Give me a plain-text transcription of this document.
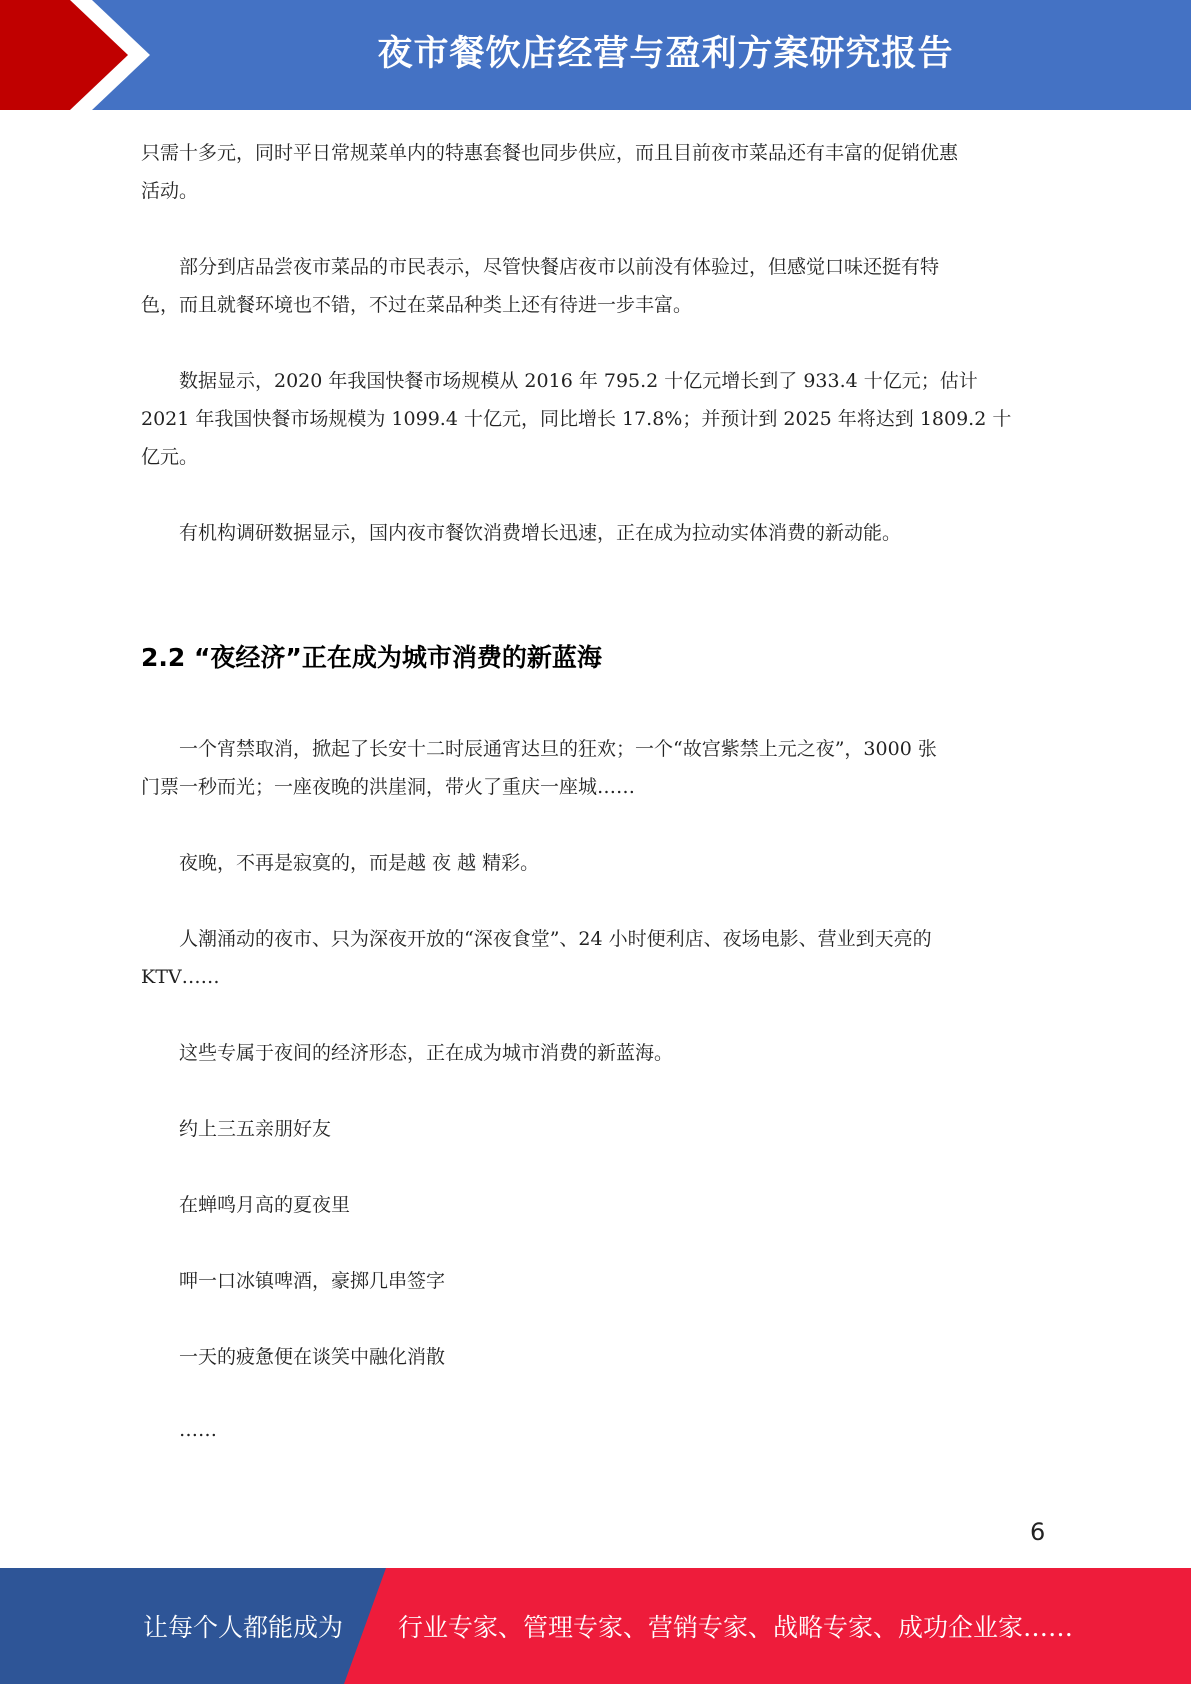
夜市餐饮店经营与盈利方案研究报告

只需十多元，同时平日常规菜单内的特惠套餐也同步供应，而且目前夜市菜品还有丰富的促销优惠
活动。

　　部分到店品尝夜市菜品的市民表示，尽管快餐店夜市以前没有体验过，但感觉口味还挺有特
色，而且就餐环境也不错，不过在菜品种类上还有待进一步丰富。

　　数据显示，2020 年我国快餐市场规模从 2016 年 795.2 十亿元增长到了 933.4 十亿元；估计
2021 年我国快餐市场规模为 1099.4 十亿元，同比增长 17.8%；并预计到 2025 年将达到 1809.2 十
亿元。

　　有机构调研数据显示，国内夜市餐饮消费增长迅速，正在成为拉动实体消费的新动能。

2.2 “夜经济”正在成为城市消费的新蓝海

　　一个宵禁取消，掀起了长安十二时辰通宵达旦的狂欢；一个“故宫紫禁上元之夜”，3000 张
门票一秒而光；一座夜晚的洪崖洞，带火了重庆一座城……

　　夜晚，不再是寂寞的，而是越 夜 越 精彩。

　　人潮涌动的夜市、只为深夜开放的“深夜食堂”、24 小时便利店、夜场电影、营业到天亮的
KTV……

　　这些专属于夜间的经济形态，正在成为城市消费的新蓝海。

　　约上三五亲朋好友

　　在蝉鸣月高的夏夜里

　　呷一口冰镇啤酒，豪掷几串签字

　　一天的疲惫便在谈笑中融化消散

　　……

6
让每个人都能成为 行业专家、管理专家、营销专家、战略专家、成功企业家……
